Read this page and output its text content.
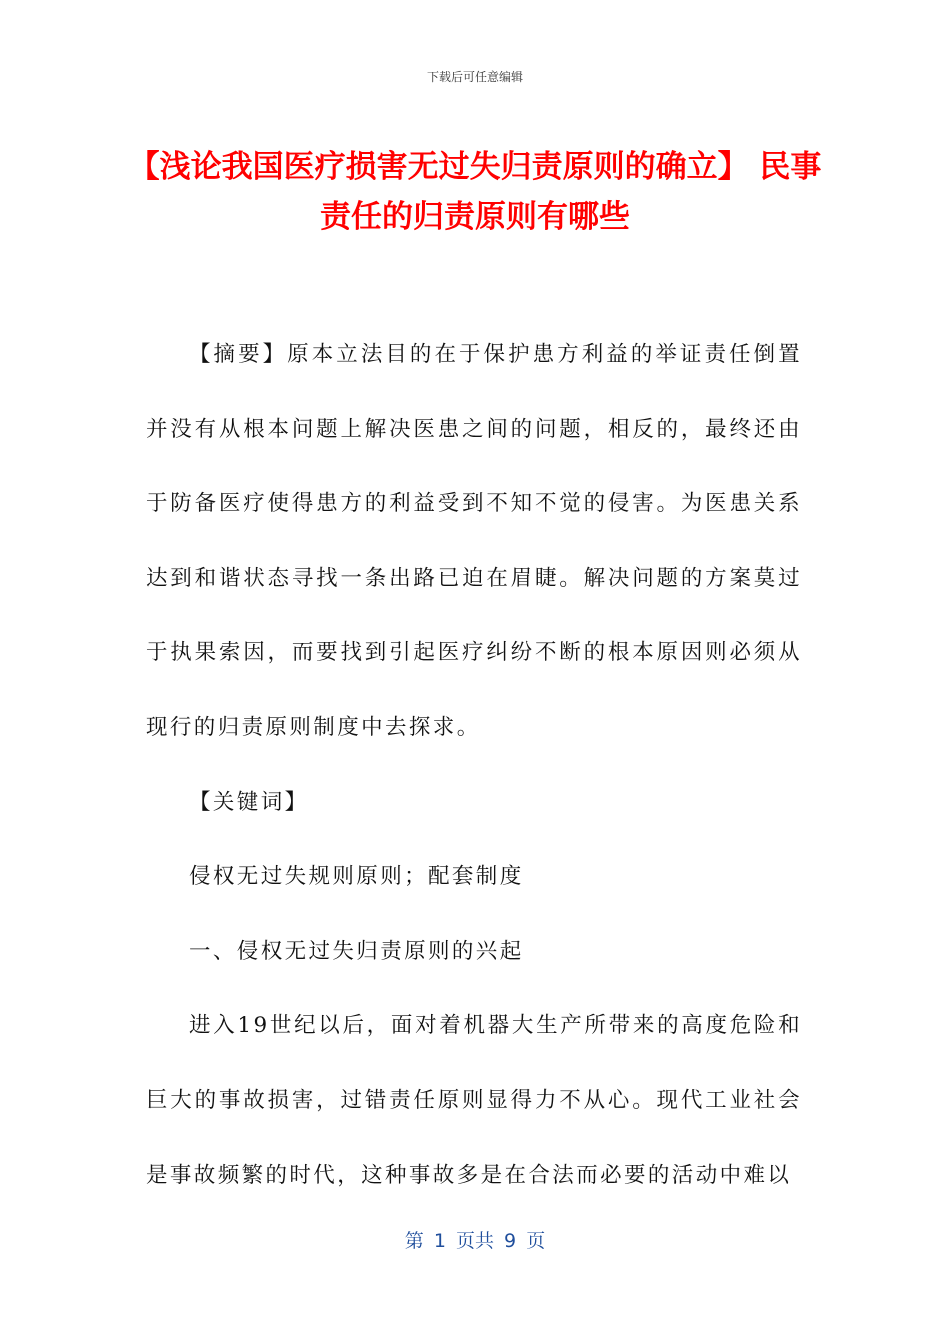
下载后可任意编辑
【浅论我国医疗损害无过失归责原则的确立】 民事责任的归责原则有哪些

【摘要】原本立法目的在于保护患方利益的举证责任倒置并没有从根本问题上解决医患之间的问题，相反的，最终还由于防备医疗使得患方的利益受到不知不觉的侵害。为医患关系达到和谐状态寻找一条出路已迫在眉睫。解决问题的方案莫过于执果索因，而要找到引起医疗纠纷不断的根本原因则必须从现行的归责原则制度中去探求。

【关键词】

侵权无过失规则原则；配套制度

一、侵权无过失归责原则的兴起

进入19世纪以后，面对着机器大生产所带来的高度危险和巨大的事故损害，过错责任原则显得力不从心。现代工业社会是事故频繁的时代，这种事故多是在合法而必要的活动中难以

第 1 页共 9 页
